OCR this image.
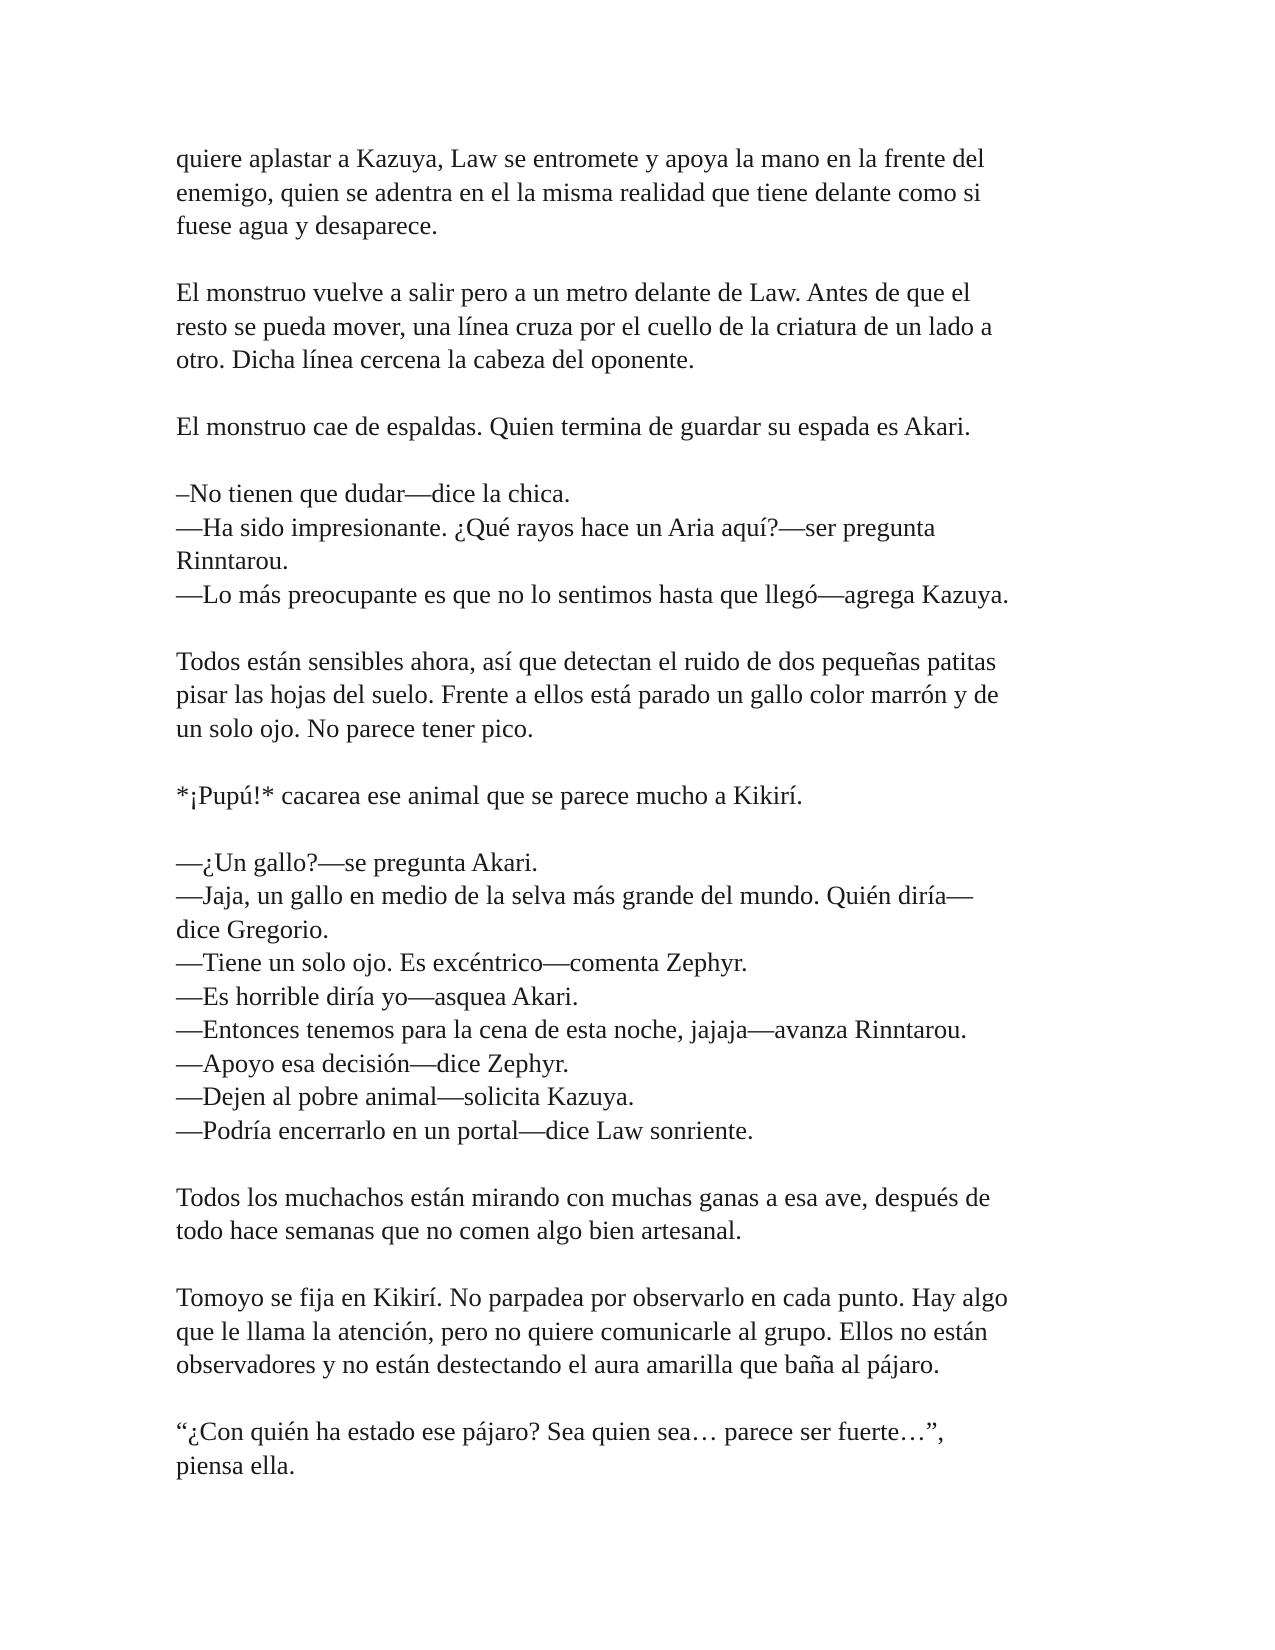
quiere aplastar a Kazuya, Law se entromete y apoya la mano en la frente del
enemigo, quien se adentra en el la misma realidad que tiene delante como si
fuese agua y desaparece.
El monstruo vuelve a salir pero a un metro delante de Law. Antes de que el
resto se pueda mover, una línea cruza por el cuello de la criatura de un lado a
otro. Dicha línea cercena la cabeza del oponente.
El monstruo cae de espaldas. Quien termina de guardar su espada es Akari.
–No tienen que dudar—dice la chica.
—Ha sido impresionante. ¿Qué rayos hace un Aria aquí?—ser pregunta
Rinntarou.
—Lo más preocupante es que no lo sentimos hasta que llegó—agrega Kazuya.
Todos están sensibles ahora, así que detectan el ruido de dos pequeñas patitas
pisar las hojas del suelo. Frente a ellos está parado un gallo color marrón y de
un solo ojo. No parece tener pico.
*¡Pupú!* cacarea ese animal que se parece mucho a Kikirí.
—¿Un gallo?—se pregunta Akari.
—Jaja, un gallo en medio de la selva más grande del mundo. Quién diría—
dice Gregorio.
—Tiene un solo ojo. Es excéntrico—comenta Zephyr.
—Es horrible diría yo—asquea Akari.
—Entonces tenemos para la cena de esta noche, jajaja—avanza Rinntarou.
—Apoyo esa decisión—dice Zephyr.
—Dejen al pobre animal—solicita Kazuya.
—Podría encerrarlo en un portal—dice Law sonriente.
Todos los muchachos están mirando con muchas ganas a esa ave, después de
todo hace semanas que no comen algo bien artesanal.
Tomoyo se fija en Kikirí. No parpadea por observarlo en cada punto. Hay algo
que le llama la atención, pero no quiere comunicarle al grupo. Ellos no están
observadores y no están destectando el aura amarilla que baña al pájaro.
“¿Con quién ha estado ese pájaro? Sea quien sea… parece ser fuerte…”,
piensa ella.
